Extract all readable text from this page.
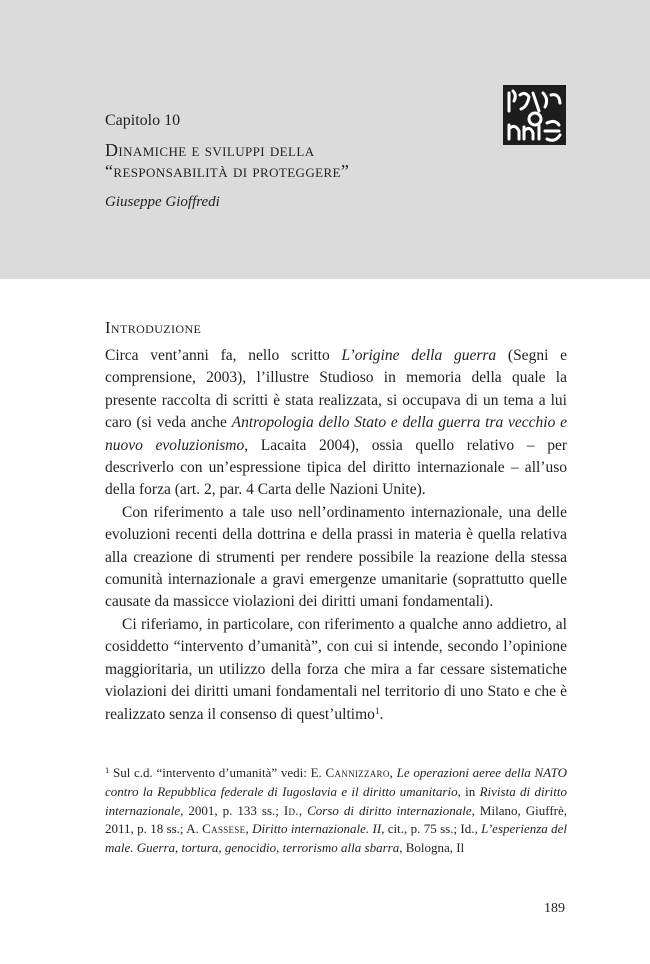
Capitolo 10
Dinamiche e sviluppi della
“responsabilità di proteggere”
Giuseppe Gioffredi
Introduzione

Circa vent’anni fa, nello scritto L’origine della guerra (Segni e comprensione, 2003), l’illustre Studioso in memoria della quale la presente raccolta di scritti è stata realizzata, si occupava di un tema a lui caro (si veda anche Antropologia dello Stato e della guerra tra vecchio e nuovo evoluzionismo, Lacaita 2004), ossia quello relativo – per descriverlo con un’espressione tipica del diritto internazionale – all’uso della forza (art. 2, par. 4 Carta delle Nazioni Unite).

Con riferimento a tale uso nell’ordinamento internazionale, una delle evoluzioni recenti della dottrina e della prassi in materia è quella relativa alla creazione di strumenti per rendere possibile la reazione della stessa comunità internazionale a gravi emergenze umanitarie (soprattutto quelle causate da massicce violazioni dei diritti umani fondamentali).

Ci riferiamo, in particolare, con riferimento a qualche anno addietro, al cosiddetto “intervento d’umanità”, con cui si intende, secondo l’opinione maggioritaria, un utilizzo della forza che mira a far cessare sistematiche violazioni dei diritti umani fondamentali nel territorio di uno Stato e che è realizzato senza il consenso di quest’ultimo$^1$.

$^1$ Sul c.d. “intervento d’umanità” vedi: E. Cannizzaro, Le operazioni aeree della NATO contro la Repubblica federale di Iugoslavia e il diritto umanitario, in Rivista di diritto internazionale, 2001, p. 133 ss.; Id., Corso di diritto internazionale, Milano, Giuffrè, 2011, p. 18 ss.; A. Cassese, Diritto internazionale. II, cit., p. 75 ss.; Id., L’esperienza del male. Guerra, tortura, genocidio, terrorismo alla sbarra, Bologna, Il
189
